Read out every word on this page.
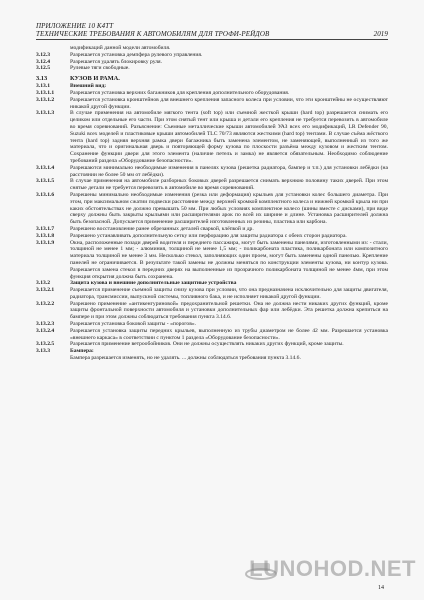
ПРИЛОЖЕНИЕ 10 К4ТТ
ТЕХНИЧЕСКИЕ ТРЕБОВАНИЯ К АВТОМОБИЛЯМ ДЛЯ ТРОФИ-РЕЙДОВ	2019
модификаций данной модели автомобиля.
3.12.3	Разрешается установка демпфера рулевого управления.
3.12.4	Разрешается удалять блокировку руля.
3.12.5	Рулевые тяги свободные.
3.13	КУЗОВ И РАМА.
3.13.1	Внешний вид:
3.13.1.1	Разрешается установка верхних багажников для крепления дополнительного оборудования.
3.13.1.2	Разрешается установка кронштейнов для внешнего крепления запасного колеса при условии, что эти кронштейны не осуществляют никакой другой функции.
3.13.1.3	В случае применения на автомобиле мягкого тента (soft top) или съемной жесткой крыши (hard top) разрешается снимать его целиком или отдельные его части. При этом снятый тент или крыша и детали его крепления не требуется перевозить в автомобиле во время соревнований. Разъяснение: Съемные металлические крыши автомобилей УАЗ всех его модификаций, LR Defender 90, Suzuki всех моделей и пластиковые крыши автомобилей TLC 70/73 являются жесткими (hard top) тентами. В случае съёма жёсткого тента (hard top) задняя верхняя рамка двери багажника быть заменена элементом, не заменяющей, выполненный из того же материала, что и оригинальная дверь и повторяющей форму кузова по плоскости разъёма между кузовом и жестким тентом. Сохранение функции двери для этого элемента (наличие петель и замка) не является обязательным. Необходимо соблюдение требований раздела «Оборудование безопасности».
3.13.1.4	Разрешаются минимально необходимые изменения в панелях кузова (решетка радиатора, бампер и т.п.) для установки лебёдки (на расстоянии не более 50 мм от лебёдки).
3.13.1.5	В случае применения на автомобиле разборных боковых дверей разрешается снимать верхнюю половину таких дверей. При этом снятые детали не требуется перевозить в автомобиле во время соревнований.
3.13.1.6	Разрешены минимально необходимые изменения (резка или деформация) крыльев для установки колес большего диаметра. При этом, при максимальном сжатии подвески расстояние между верхней кромкой комплектного колеса и нижней кромкой крыла ни при каких обстоятельствах не должно превышать 50 мм. При любых условиях комплектное колесо (шины вместе с дисками), при виде сверху должны быть закрыты крыльями или расширителями арок по всей их ширине и длине. Установка расширителей должна быть безопасной. Допускается применение расширителей изготовленных из резины, пластика или карбона.
3.13.1.7	Разрешено восстановление ранее обрезанных деталей сваркой, клёпкой и др.
3.13.1.8	Разрешено устанавливать дополнительную сетку или перфорацию для защиты радиатора с обеих сторон радиатора.
3.13.1.9	Окна, расположенные позади дверей водителя и переднего пассажира, могут быть заменены панелями, изготовленными из: - стали, толщиной не менее 1 мм; - алюминия, толщиной не менее 1,5 мм; - поликарбоната пластика, поликарбоната или композитного материала толщиной не менее 3 мм. Несколько стекол, заполняющих один проем, могут быть заменены одной панелью. Крепление панелей не ограничивается. В результате такой замены не должны меняться по конструкции элементы кузова, ни контур кузова. Разрешается замена стекол в передних дверях на выполненные из прозрачного поликарбоната толщиной не менее 4мм, при этом функция открытия должна быть сохранена.
3.13.2	Защита кузова и внешние дополнительные защитные устройства
3.13.2.1	Разрешается применение съемной защиты снизу кузова при условии, что она предназначена исключительно для защиты двигателя, радиатора, трансмиссии, выпускной системы, топливного бака, и не исполняет никакой другой функции.
3.13.2.2	Разрешено применение «антикенгуриновой» предохранительной решетки. Она не должна нести никаких других функций, кроме защиты фронтальной поверхности автомобиля и установки дополнительных фар или лебёдки. Эта решетка должна крепиться на бампере и при этом должны соблюдаться требования пункта 3.14.6.
3.13.2.3	Разрешается установка боковой защиты - «порогов».
3.13.2.4	Разрешается установка защиты передних крыльев, выполненную из трубы диаметром не более 42 мм. Разрешается установка «внешнего каркаса» в соответствии с пунктом 1 раздела «Оборудование безопасности».
3.13.2.5	Разрешается применение ветрообойников. Они не должны осуществлять никаких других функций, кроме защиты.
3.13.3	Бампера:
Бампера разрешается изменять, но не удалять. ... должны соблюдаться требования пункта 3.14.6.
LUNOHOD.NET
14
